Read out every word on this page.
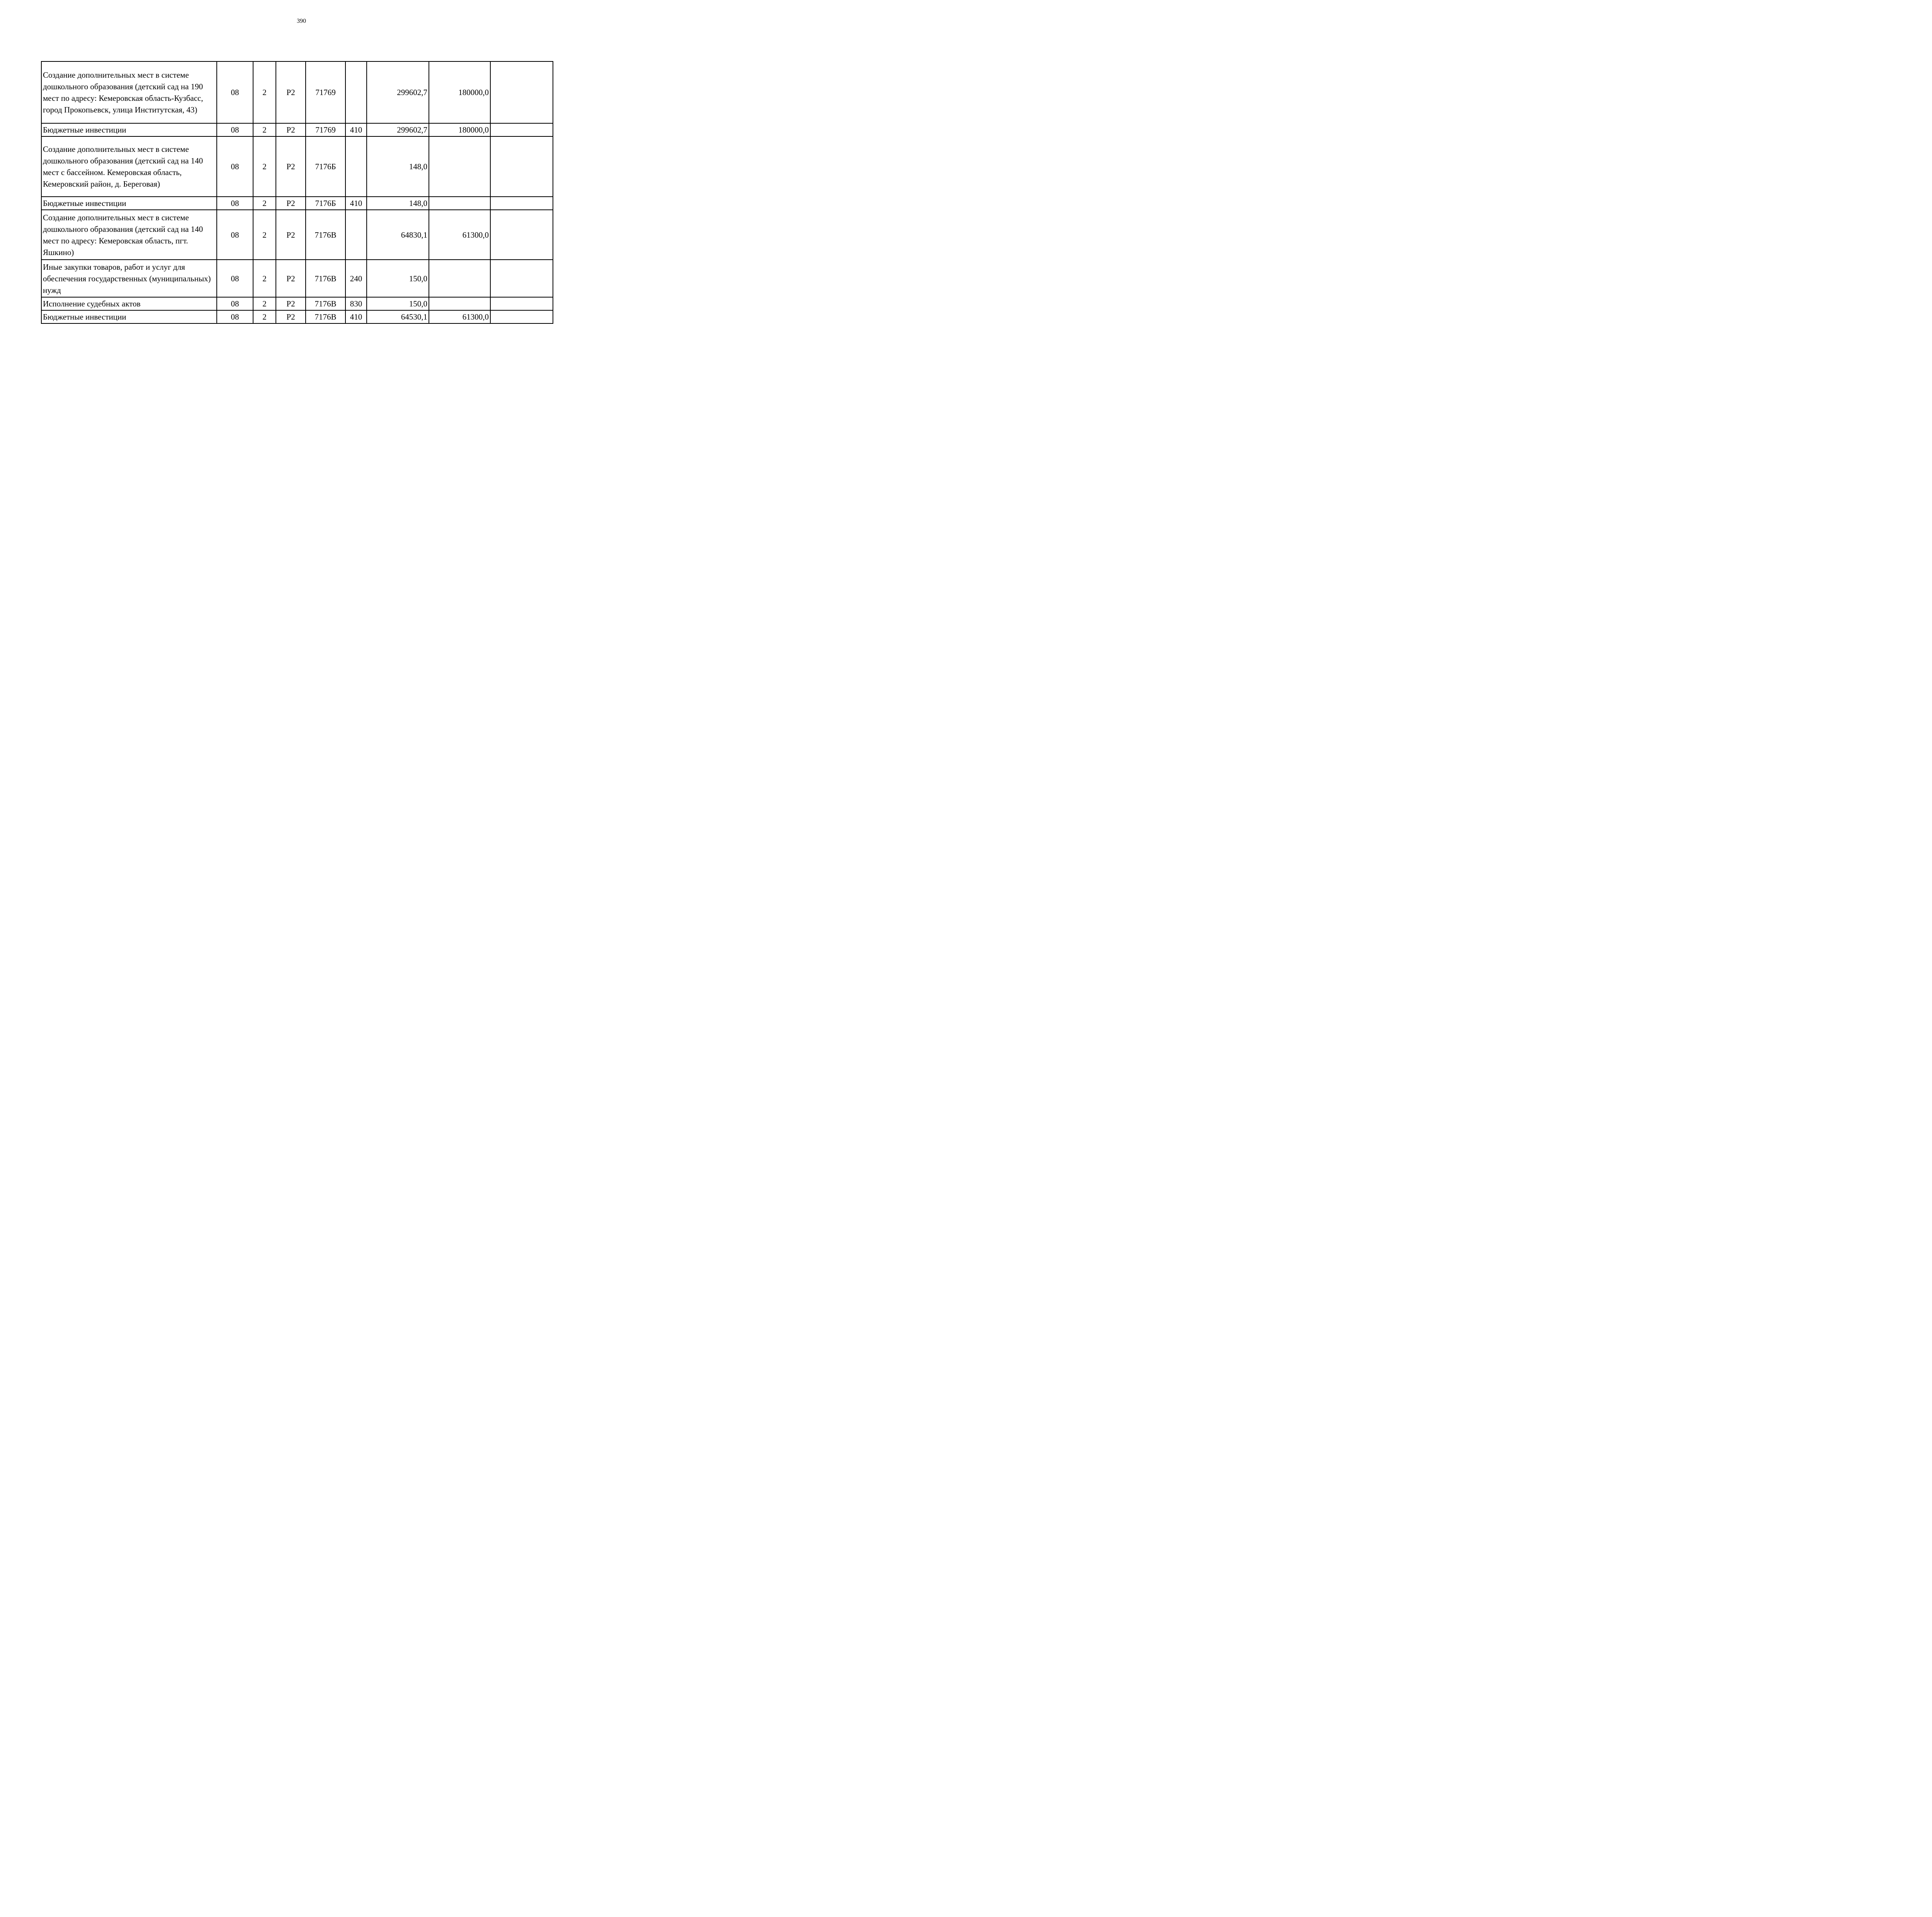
390
Создание дополнительных мест в системе дошкольного образования (детский сад на 190 мест по адресу: Кемеровская область-Кузбасс, город Прокопьевск, улица Институтская, 43)	08	2	P2	71769		299602,7	180000,0	
Бюджетные инвестиции	08	2	P2	71769	410	299602,7	180000,0	
Создание дополнительных мест в системе дошкольного образования (детский сад на 140 мест с бассейном. Кемеровская область, Кемеровский район, д. Береговая)	08	2	P2	7176Б		148,0		
Бюджетные инвестиции	08	2	P2	7176Б	410	148,0		
Создание дополнительных мест в системе дошкольного образования (детский сад на 140 мест по адресу: Кемеровская область, пгт. Яшкино)	08	2	P2	7176В		64830,1	61300,0	
Иные закупки товаров, работ и услуг для обеспечения государственных (муниципальных) нужд	08	2	P2	7176В	240	150,0		
Исполнение судебных актов	08	2	P2	7176В	830	150,0		
Бюджетные инвестиции	08	2	P2	7176В	410	64530,1	61300,0	
